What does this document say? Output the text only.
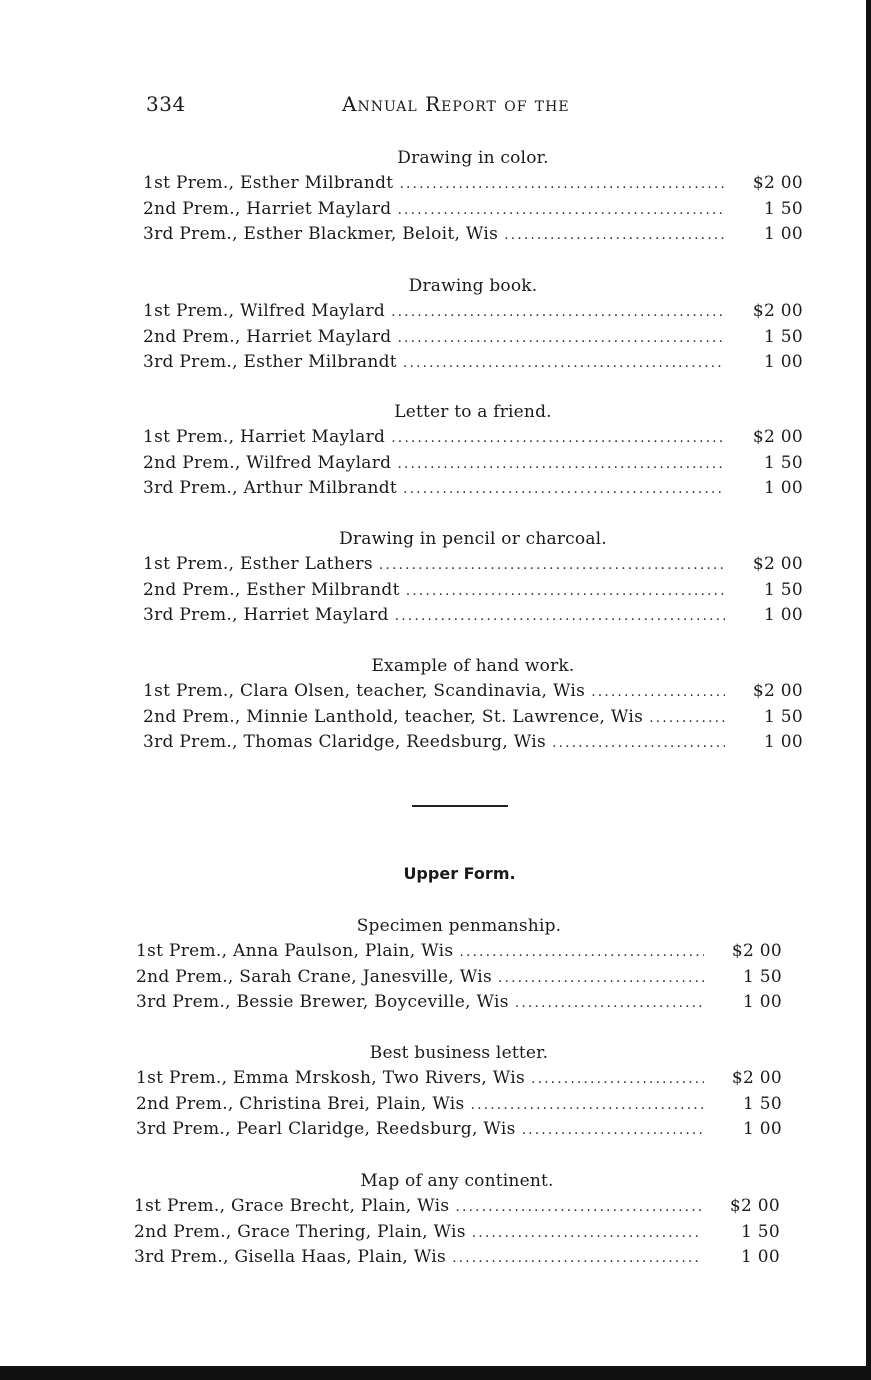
334	Annual Report of the
Drawing in color.
1st Prem., Esther Milbrandt .....	$2 00
2nd Prem., Harriet Maylard .....	1 50
3rd Prem., Esther Blackmer, Beloit, Wis .....	1 00
Drawing book.
1st Prem., Wilfred Maylard .....	$2 00
2nd Prem., Harriet Maylard .....	1 50
3rd Prem., Esther Milbrandt .....	1 00
Letter to a friend.
1st Prem., Harriet Maylard .....	$2 00
2nd Prem., Wilfred Maylard .....	1 50
3rd Prem., Arthur Milbrandt .....	1 00
Drawing in pencil or charcoal.
1st Prem., Esther Lathers .....	$2 00
2nd Prem., Esther Milbrandt .....	1 50
3rd Prem., Harriet Maylard .....	1 00
Example of hand work.
1st Prem., Clara Olsen, teacher, Scandinavia, Wis .....	$2 00
2nd Prem., Minnie Lanthold, teacher, St. Lawrence, Wis .....	1 50
3rd Prem., Thomas Claridge, Reedsburg, Wis .....	1 00
Upper Form.
Specimen penmanship.
1st Prem., Anna Paulson, Plain, Wis .....	$2 00
2nd Prem., Sarah Crane, Janesville, Wis .....	1 50
3rd Prem., Bessie Brewer, Boyceville, Wis .....	1 00
Best business letter.
1st Prem., Emma Mrskosh, Two Rivers, Wis .....	$2 00
2nd Prem., Christina Brei, Plain, Wis .....	1 50
3rd Prem., Pearl Claridge, Reedsburg, Wis .....	1 00
Map of any continent.
1st Prem., Grace Brecht, Plain, Wis .....	$2 00
2nd Prem., Grace Thering, Plain, Wis .....	1 50
3rd Prem., Gisella Haas, Plain, Wis .....	1 00
